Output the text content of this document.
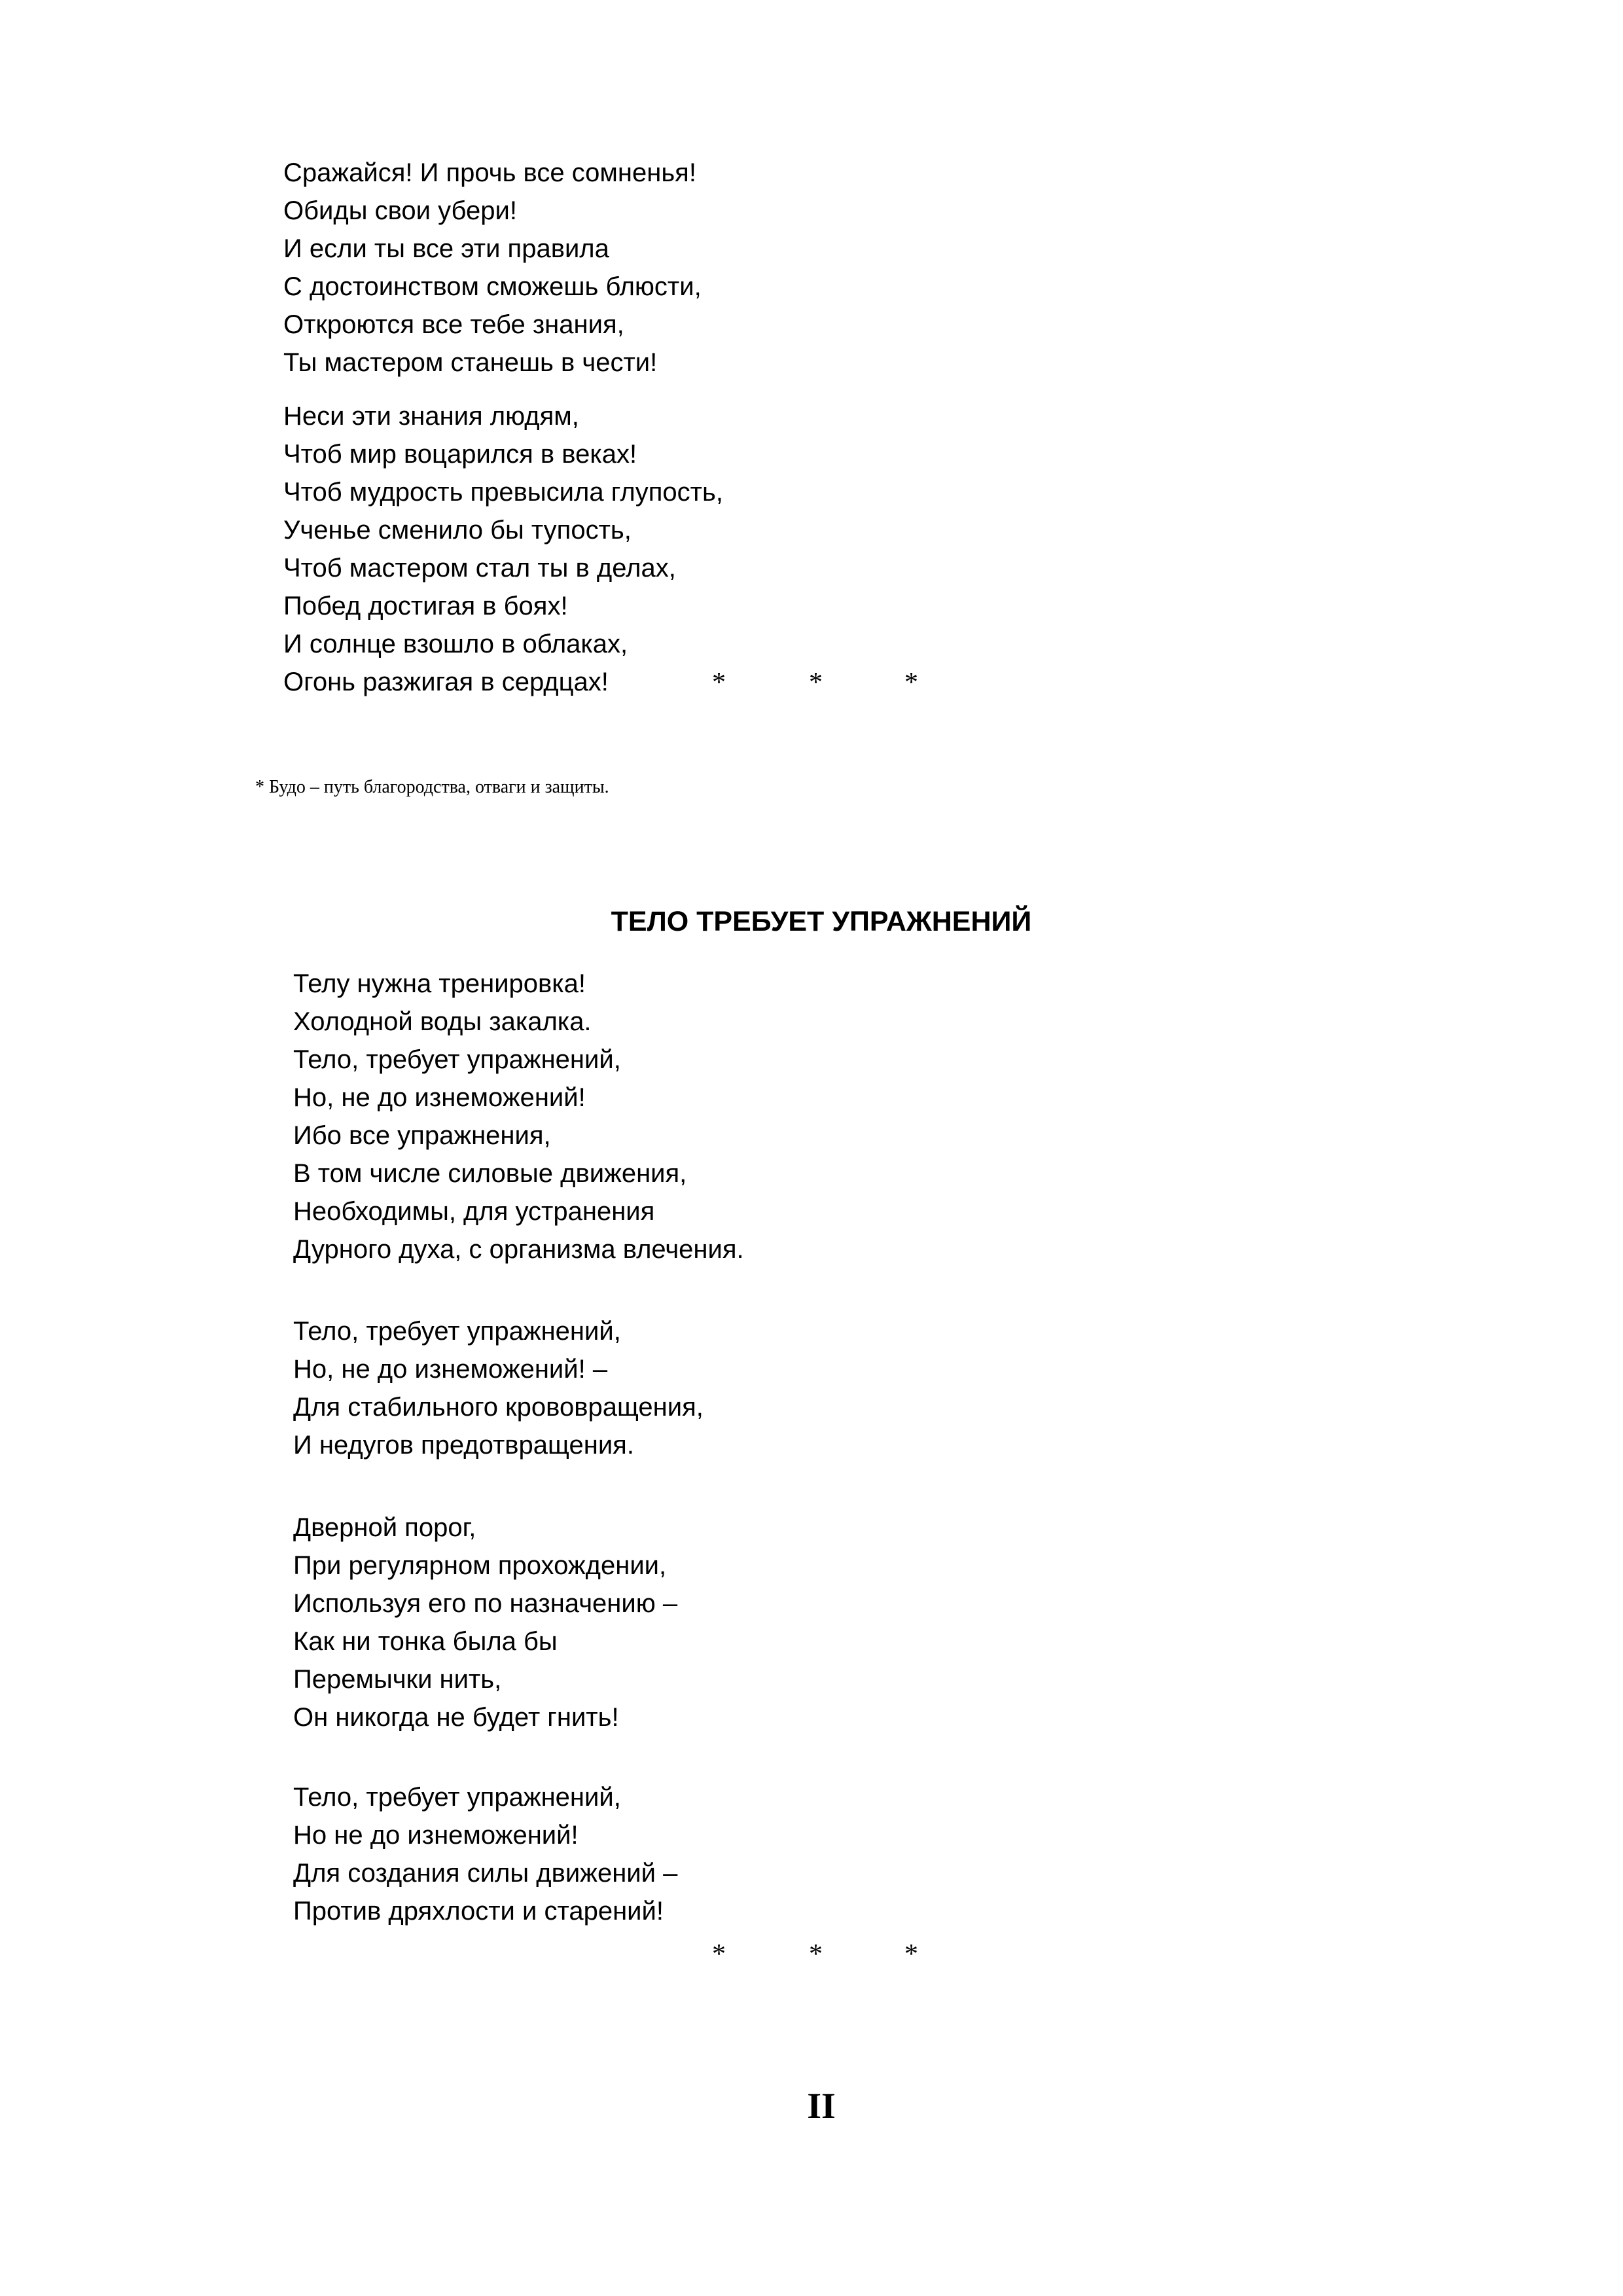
Сражайся! И прочь все сомненья!
Обиды свои убери!
И если ты все эти правила
С достоинством сможешь блюсти,
Откроются все тебе знания,
Ты мастером станешь в чести!
Неси эти знания людям,
Чтоб мир воцарился в веках!
Чтоб мудрость превысила глупость,
Ученье сменило бы тупость,
Чтоб мастером стал ты в делах,
Побед достигая в боях!
И солнце взошло в облаках,
Огонь разжигая в сердцах!	*	*	*
* Будо – путь благородства, отваги и защиты.
ТЕЛО ТРЕБУЕТ УПРАЖНЕНИЙ
Телу нужна тренировка!
Холодной воды закалка.
Тело, требует упражнений,
Но, не до изнеможений!
Ибо все упражнения,
В том числе силовые движения,
Необходимы, для устранения
Дурного духа, с организма влечения.
Тело, требует упражнений,
Но, не до изнеможений! –
Для стабильного крововращения,
И недугов предотвращения.
Дверной порог,
При регулярном прохождении,
Используя его по назначению –
Как ни тонка была бы
Перемычки нить,
Он никогда не будет гнить!
Тело, требует упражнений,
Но не до изнеможений!
Для создания силы движений –
Против дряхлости и старений!
*	*	*
II
